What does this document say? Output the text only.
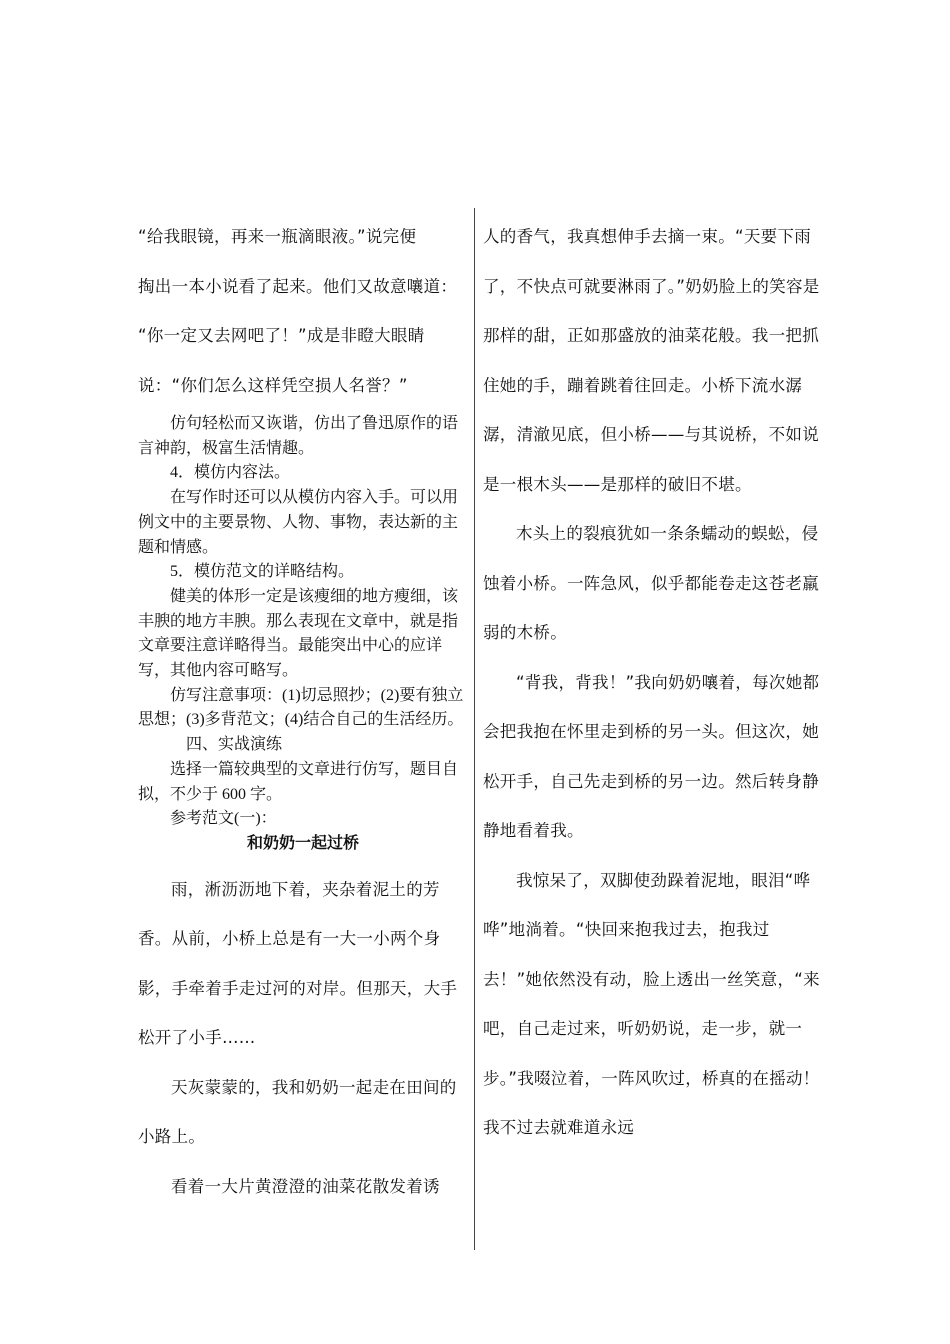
“给我眼镜，再来一瓶滴眼液。”说完便

掏出一本小说看了起来。他们又故意嚷道：

“你一定又去网吧了！”成是非瞪大眼睛

说：“你们怎么这样凭空损人名誉？”

仿句轻松而又诙谐，仿出了鲁迅原作的语言神韵，极富生活情趣。

4．模仿内容法。

在写作时还可以从模仿内容入手。可以用例文中的主要景物、人物、事物，表达新的主题和情感。

5．模仿范文的详略结构。

健美的体形一定是该瘦细的地方瘦细，该丰腴的地方丰腴。那么表现在文章中，就是指文章要注意详略得当。最能突出中心的应详写，其他内容可略写。

仿写注意事项：(1)切忌照抄；(2)要有独立思想；(3)多背范文；(4)结合自己的生活经历。

　四、实战演练

选择一篇较典型的文章进行仿写，题目自拟，不少于 600 字。

参考范文(一)：

和奶奶一起过桥

雨，淅沥沥地下着，夹杂着泥土的芳香。从前，小桥上总是有一大一小两个身影，手牵着手走过河的对岸。但那天，大手松开了小手……

天灰蒙蒙的，我和奶奶一起走在田间的小路上。

看着一大片黄澄澄的油菜花散发着诱

人的香气，我真想伸手去摘一束。“天要下雨了，不快点可就要淋雨了。”奶奶脸上的笑容是那样的甜，正如那盛放的油菜花般。我一把抓住她的手，蹦着跳着往回走。小桥下流水潺潺，清澈见底，但小桥——与其说桥，不如说是一根木头——是那样的破旧不堪。

木头上的裂痕犹如一条条蠕动的蜈蚣，侵蚀着小桥。一阵急风，似乎都能卷走这苍老羸弱的木桥。

“背我，背我！”我向奶奶嚷着，每次她都会把我抱在怀里走到桥的另一头。但这次，她松开手，自己先走到桥的另一边。然后转身静静地看着我。

我惊呆了，双脚使劲跺着泥地，眼泪“哗哗”地淌着。“快回来抱我过去，抱我过去！”她依然没有动，脸上透出一丝笑意，“来吧，自己走过来，听奶奶说，走一步，就一步。”我啜泣着，一阵风吹过，桥真的在摇动！我不过去就难道永远
